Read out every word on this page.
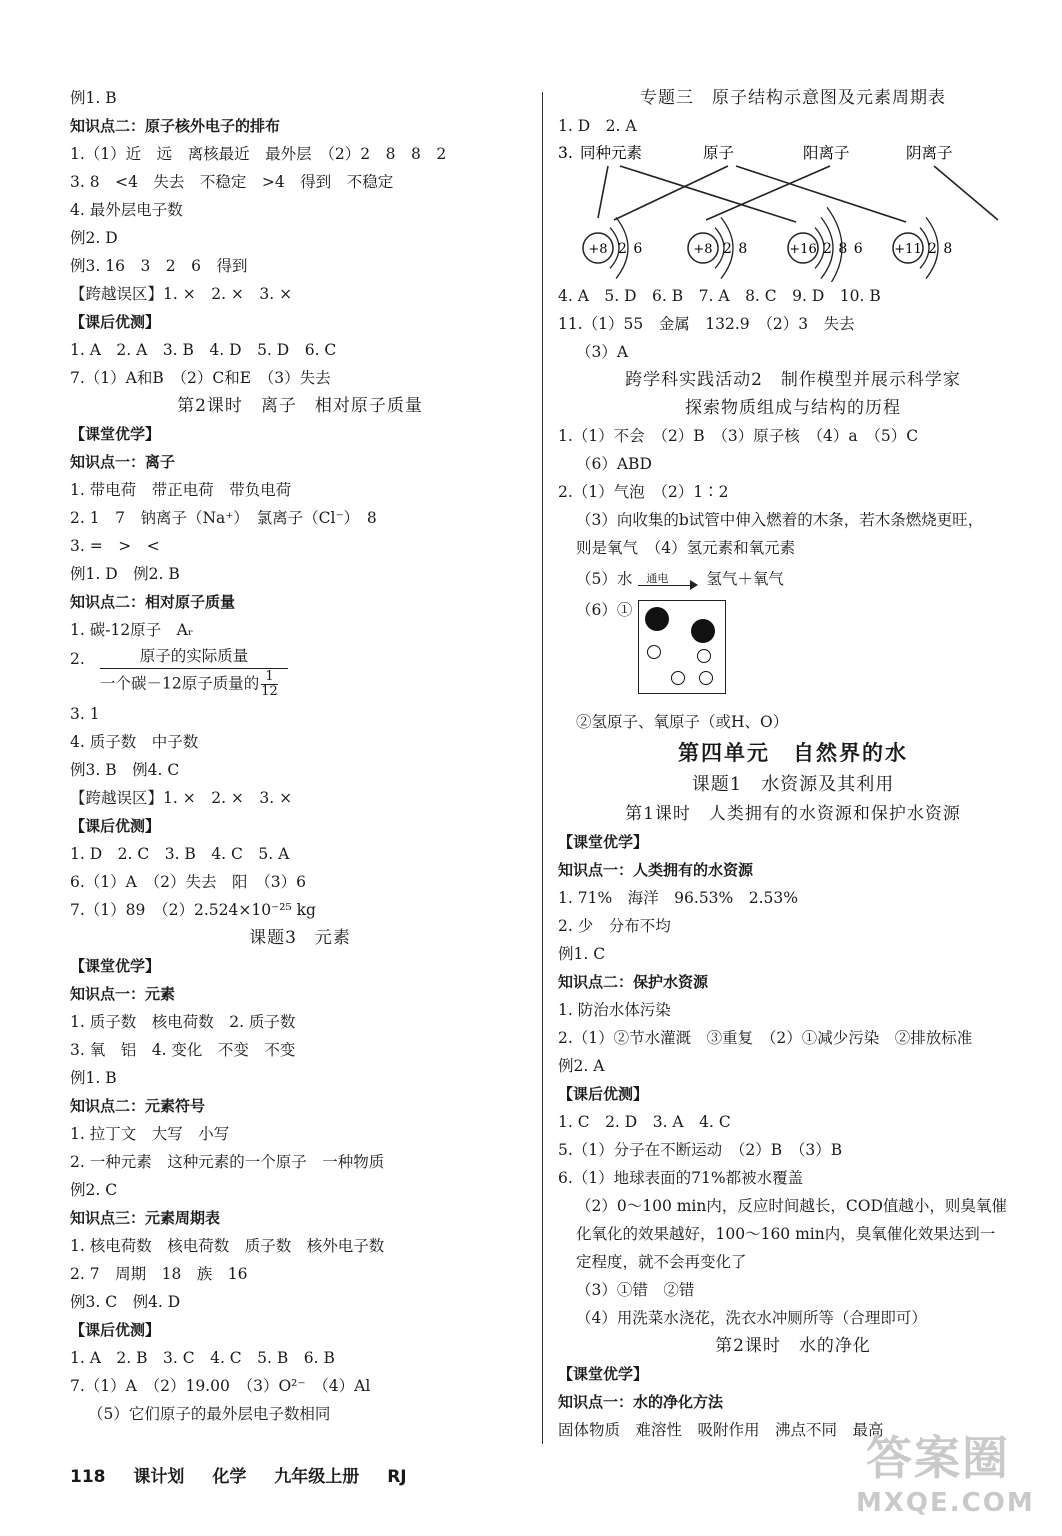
例1. B
知识点二：原子核外电子的排布
1.（1）近　远　离核最近　最外层　（2）2　8　8　2
3. 8　<4　失去　不稳定　>4　得到　不稳定
4. 最外层电子数
例2. D
例3. 16　3　2　6　得到
【跨越误区】1. ×　2. ×　3. ×
【课后优测】
1. A　2. A　3. B　4. D　5. D　6. C
7.（1）A和B　（2）C和E　（3）失去
第2课时　离子　相对原子质量
【课堂优学】
知识点一：离子
1. 带电荷　带正电荷　带负电荷
2. 1　7　钠离子（Na⁺）　氯离子（Cl⁻）　8
3. =　>　<
例1. D　例2. B
知识点二：相对原子质量
1. 碳-12原子　Aᵣ
2.	原子的实际质量
一个碳－12原子质量的 $\frac{1}{12}$
3. 1
4. 质子数　中子数
例3. B　例4. C
【跨越误区】1. ×　2. ×　3. ×
【课后优测】
1. D　2. C　3. B　4. C　5. A
6.（1）A　（2）失去　阳　（3）6
7.（1）89　（2）2.524×10⁻²⁵ kg
课题3　元素
【课堂优学】
知识点一：元素
1. 质子数　核电荷数　2. 质子数
3. 氧　铝　4. 变化　不变　不变
例1. B
知识点二：元素符号
1. 拉丁文　大写　小写
2. 一种元素　这种元素的一个原子　一种物质
例2. C
知识点三：元素周期表
1. 核电荷数　核电荷数　质子数　核外电子数
2. 7　周期　18　族　16
例3. C　例4. D
【课后优测】
1. A　2. B　3. C　4. C　5. B　6. B
7.（1）A　（2）19.00　（3）O²⁻　（4）Al
（5）它们原子的最外层电子数相同
专题三　原子结构示意图及元素周期表
1. D　2. A
3. 同种元素	原子	阳离子	阴离子
+8 2 6	+8 2 8	+16 2 8 6 +11 2 8
4. A　5. D　6. B　7. A　8. C　9. D　10. B
11.（1）55　金属　132.9　（2）3　失去
（3）A
跨学科实践活动2　制作模型并展示科学家
探索物质组成与结构的历程
1.（1）不会　（2）B　（3）原子核　（4）a　（5）C
（6）ABD
2.（1）气泡　（2）1∶2
（3）向收集的b试管中伸入燃着的木条，若木条燃烧更旺，
则是氧气　（4）氢元素和氧元素
（5）水 通电 氢气＋氧气
（6）①
②氢原子、氧原子（或H、O）
第四单元　自然界的水
课题1　水资源及其利用
第1课时　人类拥有的水资源和保护水资源
【课堂优学】
知识点一：人类拥有的水资源
1. 71%　海洋　96.53%　2.53%
2. 少　分布不均
例1. C
知识点二：保护水资源
1. 防治水体污染
2.（1）②节水灌溉　③重复　（2）①减少污染　②排放标准
例2. A
【课后优测】
1. C　2. D　3. A　4. C
5.（1）分子在不断运动　（2）B　（3）B
6.（1）地球表面的71%都被水覆盖
（2）0～100 min内，反应时间越长，COD值越小，则臭氧催
化氧化的效果越好，100～160 min内，臭氧催化效果达到一
定程度，就不会再变化了
（3）①错　②错
（4）用洗菜水浇花，洗衣水冲厕所等（合理即可）
第2课时　水的净化
【课堂优学】
知识点一：水的净化方法
固体物质　难溶性　吸附作用　沸点不同　最高
118 课计划 化学 九年级上册 RJ	答案圈
MXQE.COM
